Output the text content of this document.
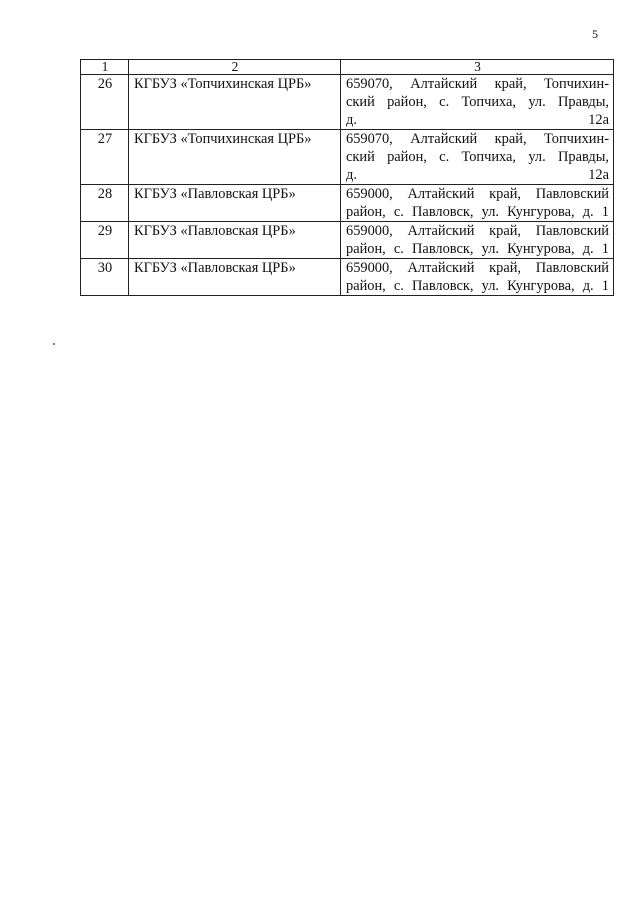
5
1	2	3
26	КГБУЗ «Топчихинская ЦРБ»	659070, Алтайский край, Топчихин-
ский район, с. Топчиха, ул. Правды,
д. 12а

27	КГБУЗ «Топчихинская ЦРБ»	659070, Алтайский край, Топчихин-
ский район, с. Топчиха, ул. Правды,
д. 12а

28	КГБУЗ «Павловская ЦРБ»	659000, Алтайский край, Павловский
район, с. Павловск, ул. Кунгурова, д. 1

29	КГБУЗ «Павловская ЦРБ»	659000, Алтайский край, Павловский
район, с. Павловск, ул. Кунгурова, д. 1

30	КГБУЗ «Павловская ЦРБ»	659000, Алтайский край, Павловский
район, с. Павловск, ул. Кунгурова, д. 1
